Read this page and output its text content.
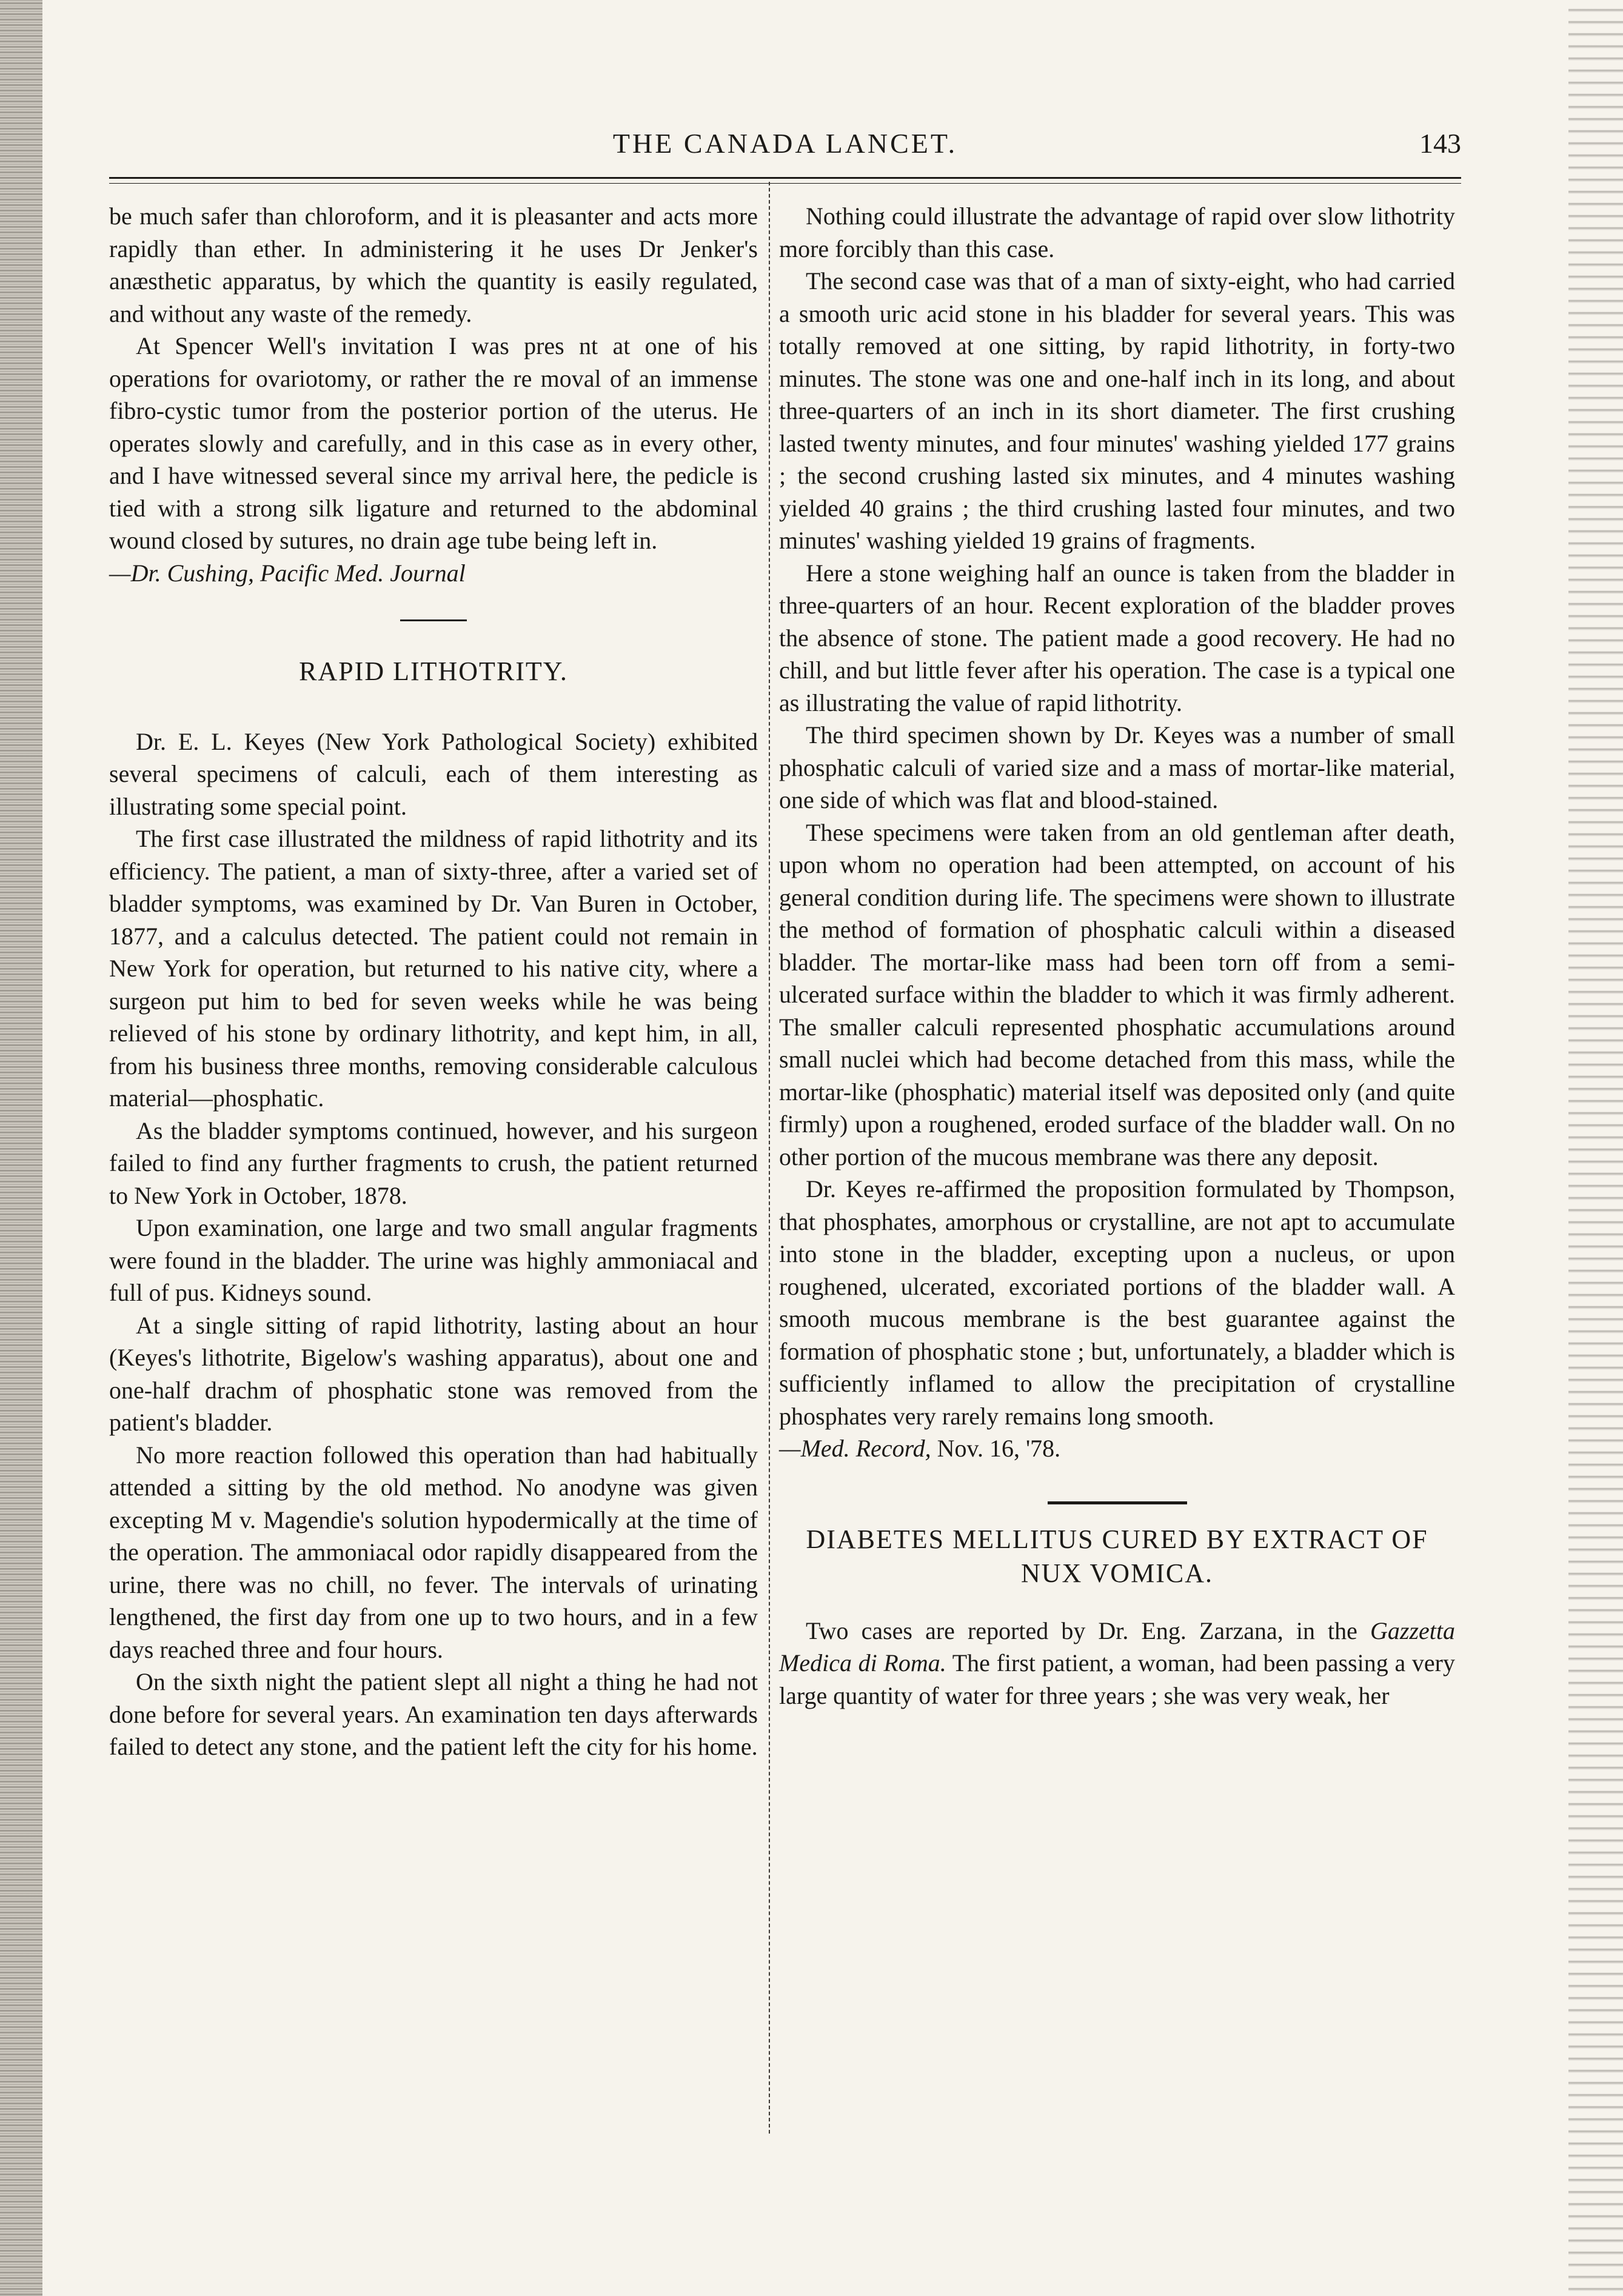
THE CANADA LANCET.	143

be much safer than chloroform, and it is pleasanter and acts more rapidly than ether. In administering it he uses Dr Jenker's anæsthetic apparatus, by which the quantity is easily regulated, and without any waste of the remedy.

At Spencer Well's invitation I was pres nt at one of his operations for ovariotomy, or rather the re moval of an immense fibro-cystic tumor from the posterior portion of the uterus. He operates slowly and carefully, and in this case as in every other, and I have witnessed several since my arrival here, the pedicle is tied with a strong silk ligature and returned to the abdominal wound closed by sutures, no drain age tube being left in.

—Dr. Cushing, Pacific Med. Journal

RAPID LITHOTRITY.

Dr. E. L. Keyes (New York Pathological Society) exhibited several specimens of calculi, each of them interesting as illustrating some special point.

The first case illustrated the mildness of rapid lithotrity and its efficiency. The patient, a man of sixty-three, after a varied set of bladder symptoms, was examined by Dr. Van Buren in October, 1877, and a calculus detected. The patient could not remain in New York for operation, but returned to his native city, where a surgeon put him to bed for seven weeks while he was being relieved of his stone by ordinary lithotrity, and kept him, in all, from his business three months, removing considerable calculous material—phosphatic.

As the bladder symptoms continued, however, and his surgeon failed to find any further fragments to crush, the patient returned to New York in October, 1878.

Upon examination, one large and two small angular fragments were found in the bladder. The urine was highly ammoniacal and full of pus. Kidneys sound.

At a single sitting of rapid lithotrity, lasting about an hour (Keyes's lithotrite, Bigelow's washing apparatus), about one and one-half drachm of phosphatic stone was removed from the patient's bladder.

No more reaction followed this operation than had habitually attended a sitting by the old method. No anodyne was given excepting M v. Magendie's solution hypodermically at the time of the operation. The ammoniacal odor rapidly disappeared from the urine, there was no chill, no fever. The intervals of urinating lengthened, the first day from one up to two hours, and in a few days reached three and four hours.

On the sixth night the patient slept all night a thing he had not done before for several years. An examination ten days afterwards failed to detect any stone, and the patient left the city for his home.

Nothing could illustrate the advantage of rapid over slow lithotrity more forcibly than this case.

The second case was that of a man of sixty-eight, who had carried a smooth uric acid stone in his bladder for several years. This was totally removed at one sitting, by rapid lithotrity, in forty-two minutes. The stone was one and one-half inch in its long, and about three-quarters of an inch in its short diameter. The first crushing lasted twenty minutes, and four minutes' washing yielded 177 grains ; the second crushing lasted six minutes, and 4 minutes washing yielded 40 grains ; the third crushing lasted four minutes, and two minutes' washing yielded 19 grains of fragments.

Here a stone weighing half an ounce is taken from the bladder in three-quarters of an hour. Recent exploration of the bladder proves the absence of stone. The patient made a good recovery. He had no chill, and but little fever after his operation. The case is a typical one as illustrating the value of rapid lithotrity.

The third specimen shown by Dr. Keyes was a number of small phosphatic calculi of varied size and a mass of mortar-like material, one side of which was flat and blood-stained.

These specimens were taken from an old gentleman after death, upon whom no operation had been attempted, on account of his general condition during life. The specimens were shown to illustrate the method of formation of phosphatic calculi within a diseased bladder. The mortar-like mass had been torn off from a semi-ulcerated surface within the bladder to which it was firmly adherent. The smaller calculi represented phosphatic accumulations around small nuclei which had become detached from this mass, while the mortar-like (phosphatic) material itself was deposited only (and quite firmly) upon a roughened, eroded surface of the bladder wall. On no other portion of the mucous membrane was there any deposit.

Dr. Keyes re-affirmed the proposition formulated by Thompson, that phosphates, amorphous or crystalline, are not apt to accumulate into stone in the bladder, excepting upon a nucleus, or upon roughened, ulcerated, excoriated portions of the bladder wall. A smooth mucous membrane is the best guarantee against the formation of phosphatic stone ; but, unfortunately, a bladder which is sufficiently inflamed to allow the precipitation of crystalline phosphates very rarely remains long smooth.

—Med. Record, Nov. 16, '78.

DIABETES MELLITUS CURED BY EXTRACT OF NUX VOMICA.

Two cases are reported by Dr. Eng. Zarzana, in the Gazzetta Medica di Roma. The first patient, a woman, had been passing a very large quantity of water for three years ; she was very weak, her
